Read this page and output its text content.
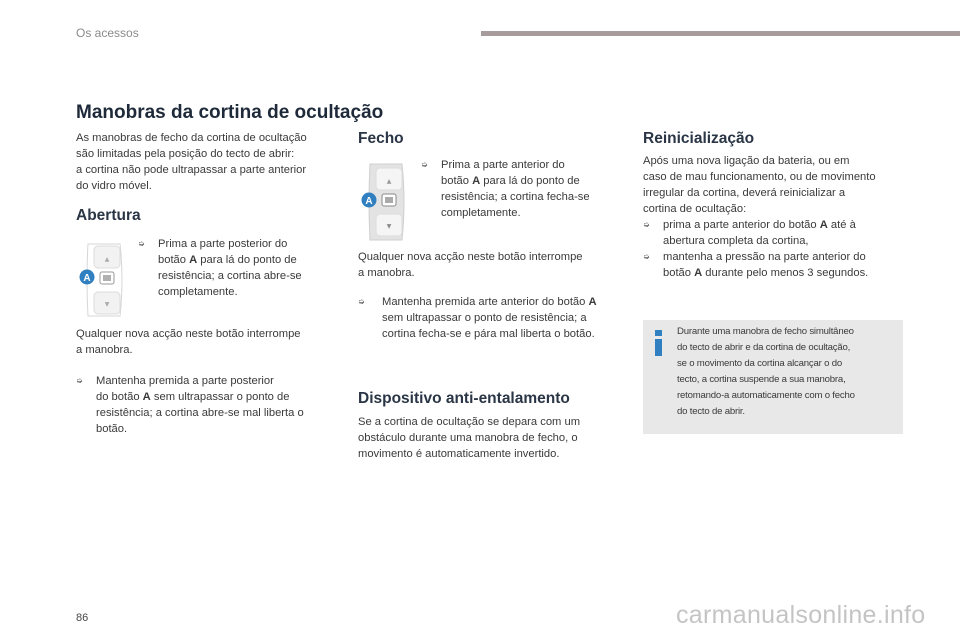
Os acessos
Manobras da cortina de ocultação

As manobras de fecho da cortina de ocultação

são limitadas pela posição do tecto de abrir:

a cortina não pode ultrapassar a parte anterior

do vidro móvel.

Abertura
▲
▼
A
➭ Prima a parte posterior do
botão A para lá do ponto de
resistência; a cortina abre-se
completamente.

Qualquer nova acção neste botão interrompe

a manobra.

➭ Mantenha premida a parte posterior
do botão A sem ultrapassar o ponto de
resistência; a cortina abre-se mal liberta o
botão.
Fecho
▲
▼
A
➭ Prima a parte anterior do
botão A para lá do ponto de
resistência; a cortina fecha-se
completamente.

Qualquer nova acção neste botão interrompe

a manobra.

➭ Mantenha premida arte anterior do botão A
sem ultrapassar o ponto de resistência; a
cortina fecha-se e pára mal liberta o botão.
Dispositivo anti-entalamento

Se a cortina de ocultação se depara com um

obstáculo durante uma manobra de fecho, o

movimento é automaticamente invertido.

Reinicialização

Após uma nova ligação da bateria, ou em

caso de mau funcionamento, ou de movimento

irregular da cortina, deverá reinicializar a

cortina de ocultação:

➭ prima a parte anterior do botão A até à
abertura completa da cortina,
➭ mantenha a pressão na parte anterior do
botão A durante pelo menos 3 segundos.
Durante uma manobra de fecho simultâneo
do tecto de abrir e da cortina de ocultação,
se o movimento da cortina alcançar o do
tecto, a cortina suspende a sua manobra,
retomando-a automaticamente com o fecho
do tecto de abrir.
86	carmanualsonline.info
